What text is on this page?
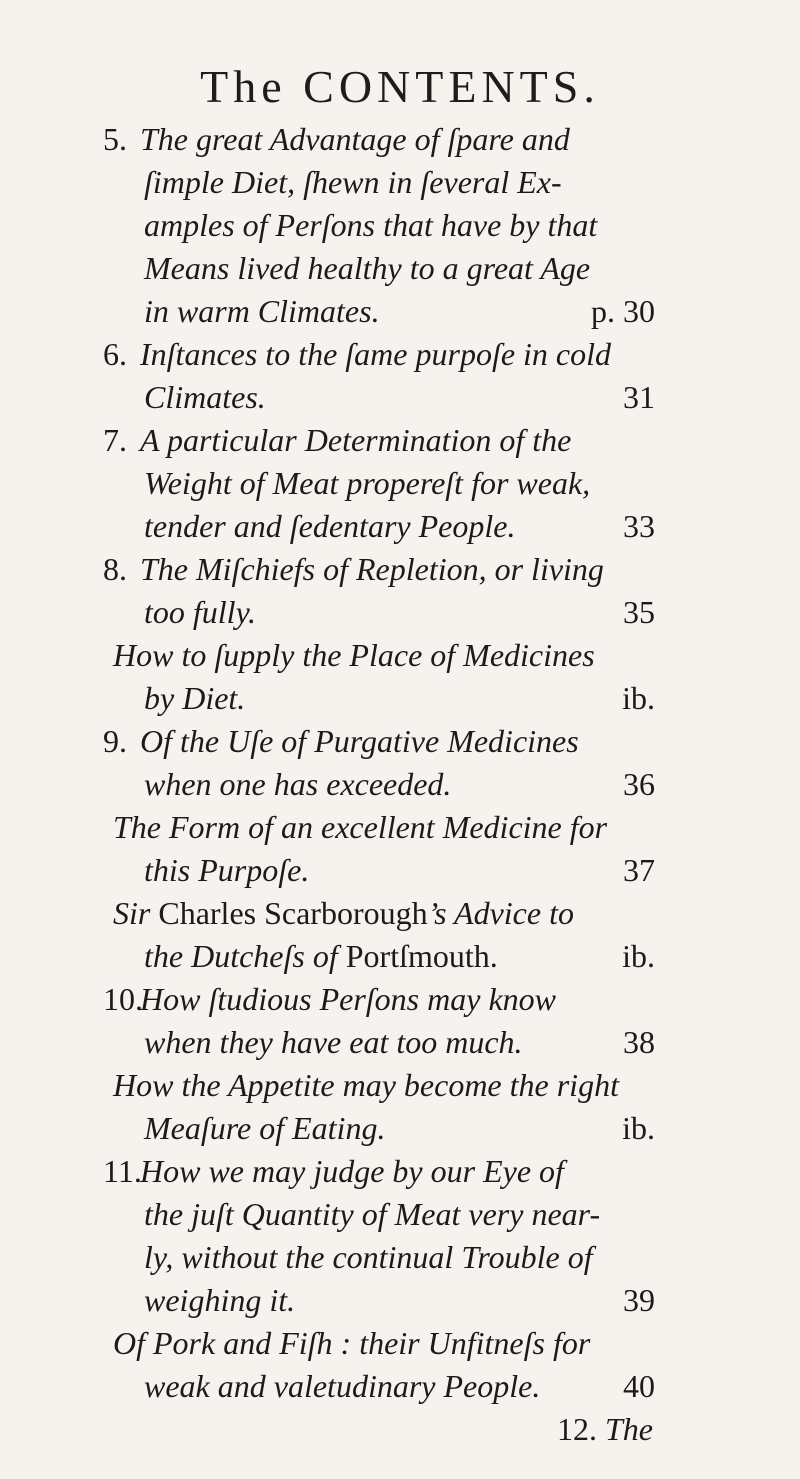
The CONTENTS.
5. The great Advantage of ſpare and
ſimple Diet, ſhewn in ſeveral Ex-
amples of Perſons that have by that
Means lived healthy to a great Age
in warm Climates.	p. 30
6. Inſtances to the ſame purpoſe in cold
Climates.	31
7. A particular Determination of the
Weight of Meat propereſt for weak,
tender and ſedentary People.	33
8. The Miſchiefs of Repletion, or living
too fully.	35
How to ſupply the Place of Medicines
by Diet.	ib.
9. Of the Uſe of Purgative Medicines
when one has exceeded.	36
The Form of an excellent Medicine for
this Purpoſe.	37
Sir Charles Scarborough’s Advice to
the Dutcheſs of Portſmouth.	ib.
10.
How ſtudious Perſons may know
when they have eat too much.	38
How the Appetite may become the right
Meaſure of Eating.	ib.
11.
How we may judge by our Eye of
the juſt Quantity of Meat very near-
ly, without the continual Trouble of
weighing it.	39
Of Pork and Fiſh : their Unfitneſs for
weak and valetudinary People.	40
12. The
